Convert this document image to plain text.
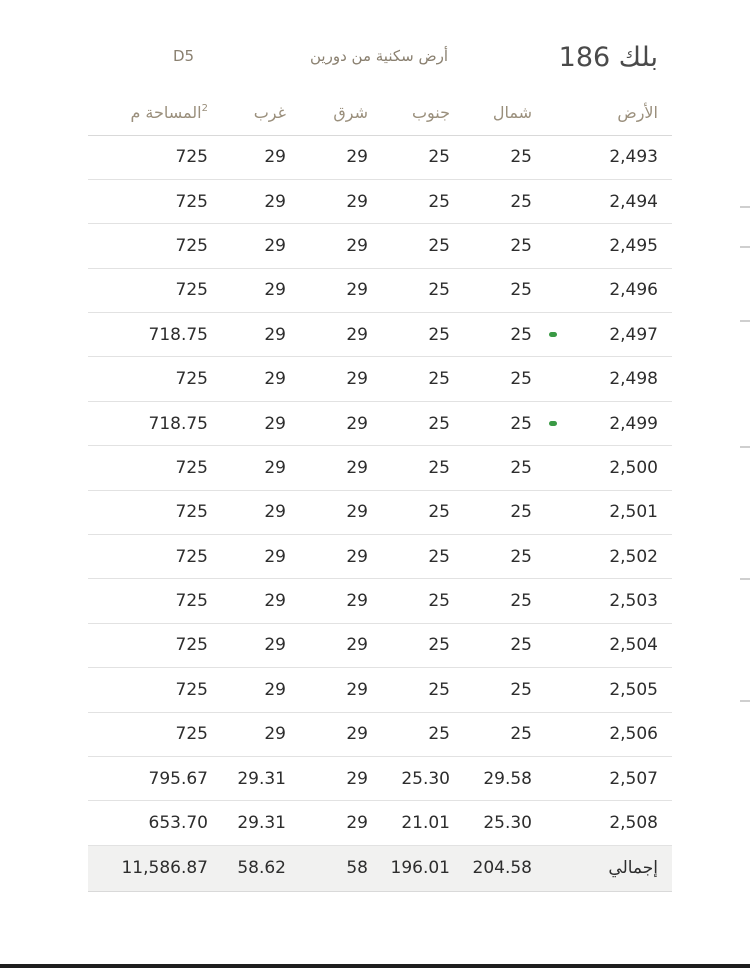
بلك 186
أرض سكنية من دورين
D5
$^2$المساحة م	غرب	شرق	جنوب	شمال		الأرض
725	29	29	25	25		2,493
725	29	29	25	25		2,494
725	29	29	25	25		2,495
725	29	29	25	25		2,496
718.75	29	29	25	25		2,497
725	29	29	25	25		2,498
718.75	29	29	25	25		2,499
725	29	29	25	25		2,500
725	29	29	25	25		2,501
725	29	29	25	25		2,502
725	29	29	25	25		2,503
725	29	29	25	25		2,504
725	29	29	25	25		2,505
725	29	29	25	25		2,506
795.67	29.31	29	25.30	29.58		2,507
653.70	29.31	29	21.01	25.30		2,508
11,586.87	58.62	58	196.01	204.58		إجمالي
